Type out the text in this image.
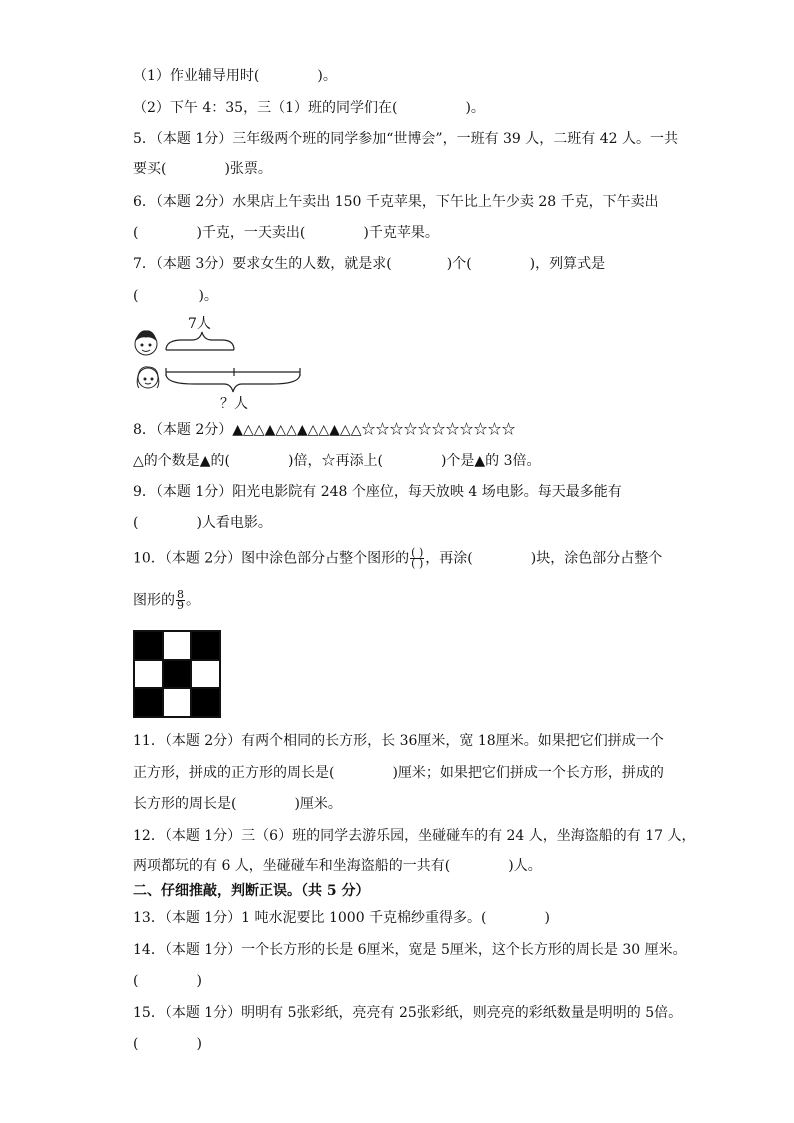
（1）作业辅导用时(	)。
（2）下午 4：35，三（1）班的同学们在(	)。
5．（本题 1分）三年级两个班的同学参加“世博会”，一班有 39 人，二班有 42 人。一共
要买(	)张票。
6．（本题 2分）水果店上午卖出 150 千克苹果，下午比上午少卖 28 千克，下午卖出
(	)千克，一天卖出(	)千克苹果。
7．（本题 3分）要求女生的人数，就是求(	)个(	)，列算式是
(	)。
7人
？人
8．（本题 2分）▲△△▲△△▲△△▲△△☆☆☆☆☆☆☆☆☆☆☆
△的个数是▲的(	)倍，☆再添上(	)个是▲的 3倍。
9．（本题 1分）阳光电影院有 248 个座位，每天放映 4 场电影。每天最多能有
(	)人看电影。
10．（本题 2分）图中涂色部分占整个图形的 $\frac{( )}{( )}$ ，再涂(	)块，涂色部分占整个
图形的 $\frac{8}{9}$ 。
11．（本题 2分）有两个相同的长方形，长 36厘米，宽 18厘米。如果把它们拼成一个
正方形，拼成的正方形的周长是(	)厘米；如果把它们拼成一个长方形，拼成的
长方形的周长是(	)厘米。
12．（本题 1分）三（6）班的同学去游乐园，坐碰碰车的有 24 人，坐海盗船的有 17 人，
两项都玩的有 6 人，坐碰碰车和坐海盗船的一共有(	)人。
二、仔细推敲，判断正误。（共 5 分）
13．（本题 1分）1 吨水泥要比 1000 千克棉纱重得多。(	)
14．（本题 1分）一个长方形的长是 6厘米，宽是 5厘米，这个长方形的周长是 30 厘米。
(	)
15．（本题 1分）明明有 5张彩纸，亮亮有 25张彩纸，则亮亮的彩纸数量是明明的 5倍。
(	)
